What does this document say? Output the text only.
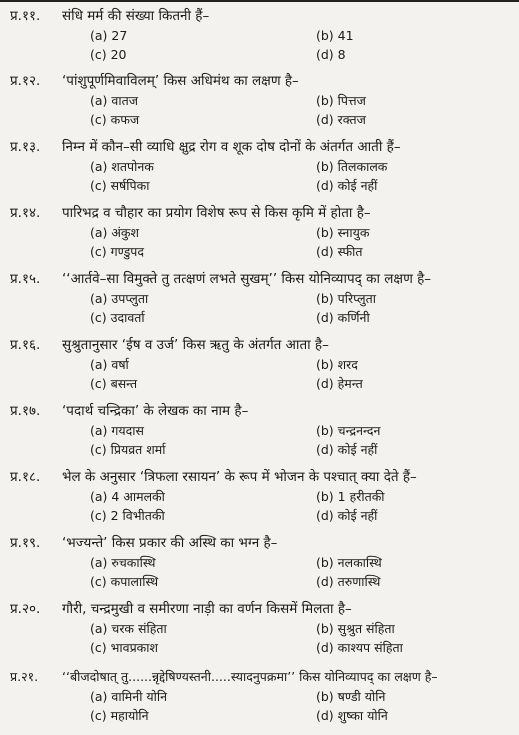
प्र.११. संधि मर्म की संख्या कितनी हैं–
(a) 27	(b) 41
(c) 20	(d) 8
प्र.१२. ‘पांशुपूर्णमिवाविलम्’ किस अधिमंथ का लक्षण है–
(a) वातज	(b) पित्तज
(c) कफज	(d) रक्तज
प्र.१३. निम्न में कौन–सी व्याधि क्षुद्र रोग व शूक दोष दोनों के अंतर्गत आती हैं–
(a) शतपोनक	(b) तिलकालक
(c) सर्षपिका	(d) कोई नहीं
प्र.१४. पारिभद्र व चौहार का प्रयोग विशेष रूप से किस कृमि में होता है–
(a) अंकुश	(b) स्नायुक
(c) गण्डुपद	(d) स्फीत
प्र.१५. ‘‘आर्तवे–सा विमुक्ते तु तत्क्षणं लभते सुखम्’’ किस योनिव्यापद् का लक्षण है–
(a) उपप्लुता	(b) परिप्लुता
(c) उदावर्ता	(d) कर्णिनी
प्र.१६. सुश्रुतानुसार ‘ईष व उर्ज’ किस ऋतु के अंतर्गत आता है–
(a) वर्षा	(b) शरद
(c) बसन्त	(d) हेमन्त
प्र.१७. ‘पदार्थ चन्द्रिका’ के लेखक का नाम है–
(a) गयदास	(b) चन्द्रनन्दन
(c) प्रियव्रत शर्मा	(d) कोई नहीं
प्र.१८. भेल के अनुसार ‘त्रिफला रसायन’ के रूप में भोजन के पश्चात् क्या देते हैं–
(a) 4 आमलकी	(b) 1 हरीतकी
(c) 2 विभीतकी	(d) कोई नहीं
प्र.१९. ‘भज्यन्ते’ किस प्रकार की अस्थि का भग्न है–
(a) रुचकास्थि	(b) नलकास्थि
(c) कपालास्थि	(d) तरुणास्थि
प्र.२०. गौरी, चन्द्रमुखी व समीरणा नाड़ी का वर्णन किसमें मिलता है–
(a) चरक संहिता	(b) सुश्रुत संहिता
(c) भावप्रकाश	(d) काश्यप संहिता
प्र.२१. ‘‘बीजदोषात् तु......न्नृद्देषिण्यस्तनी.....स्यादनुपक्रमा’’ किस योनिव्यापद् का लक्षण है–
(a) वामिनी योनि	(b) षण्डी योनि
(c) महायोनि	(d) शुष्का योनि
